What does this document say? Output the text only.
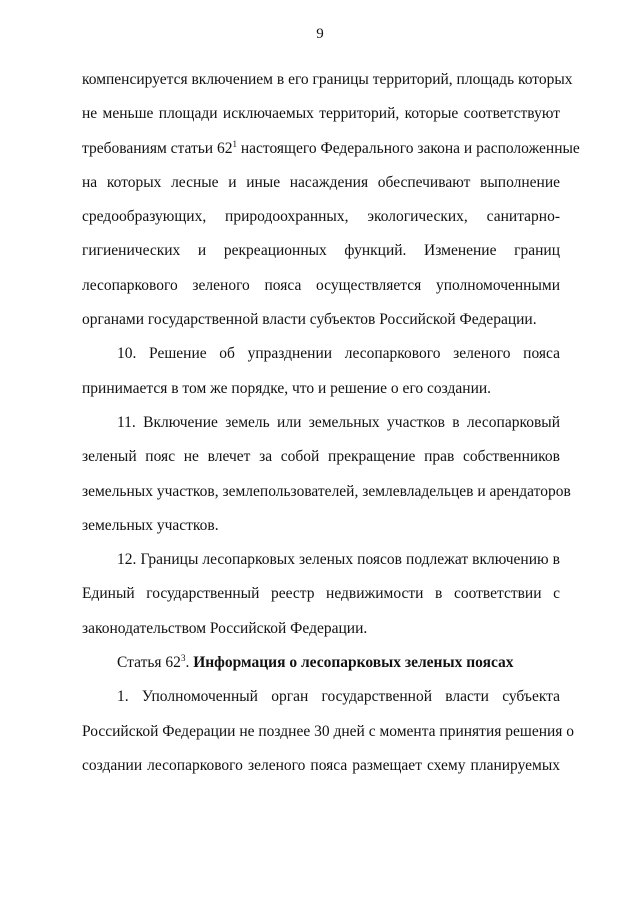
9
компенсируется включением в его границы территорий, площадь которых
не меньше площади исключаемых территорий, которые соответствуют
требованиям статьи $62^1$ настоящего Федерального закона и расположенные
на которых лесные и иные насаждения обеспечивают выполнение
средообразующих, природоохранных, экологических, санитарно-
гигиенических и рекреационных функций. Изменение границ
лесопаркового зеленого пояса осуществляется уполномоченными
органами государственной власти субъектов Российской Федерации.
10. Решение об упразднении лесопаркового зеленого пояса
принимается в том же порядке, что и решение о его создании.
11. Включение земель или земельных участков в лесопарковый
зеленый пояс не влечет за собой прекращение прав собственников
земельных участков, землепользователей, землевладельцев и арендаторов
земельных участков.
12. Границы лесопарковых зеленых поясов подлежат включению в
Единый государственный реестр недвижимости в соответствии с
законодательством Российской Федерации.
Статья $62^3$. Информация о лесопарковых зеленых поясах
1. Уполномоченный орган государственной власти субъекта
Российской Федерации не позднее 30 дней с момента принятия решения о
создании лесопаркового зеленого пояса размещает схему планируемых
